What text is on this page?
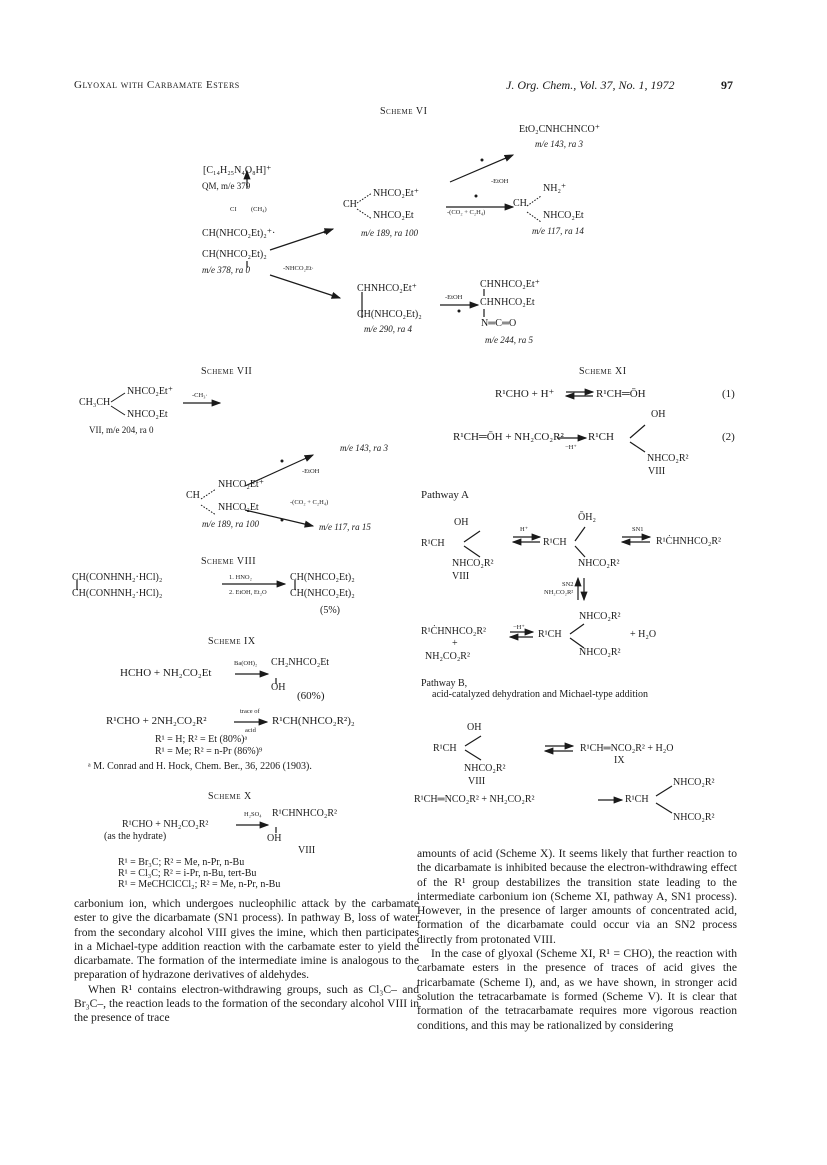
Glyoxal with Carbamate Esters	J. Org. Chem., Vol. 37, No. 1, 1972	97
Scheme VI
EtO₂CNHCHNCO⁺
m/e 143, ra 3
[C₁₄H₂₅N₄O₈H]⁺
QM, m/e 379
CI (CH₄)
CH(NHCO₂Et)₂⁺·
CH(NHCO₂Et)₂
m/e 378, ra 0
NHCO₂Et⁺
CH
NHCO₂Et
m/e 189, ra 100
-EtOH
-(CO₂ + C₂H₄)
NH₂⁺
CH
NHCO₂Et
m/e 117, ra 14
-NHCO₂Et·
CHNHCO₂Et⁺
CH(NHCO₂Et)₂
m/e 290, ra 4
-EtOH
CHNHCO₂Et⁺
CHNHCO₂Et
N═C═O
m/e 244, ra 5
Scheme VII
NHCO₂Et⁺
CH₃CH
NHCO₂Et
VII, m/e 204, ra 0
-CH₃·
m/e 143, ra 3
-EtOH
NHCO₂Et⁺
CH
NHCO₂Et
m/e 189, ra 100
-(CO₂ + C₂H₄)
m/e 117, ra 15
Scheme VIII
CH(CONHNH₂·HCl)₂
CH(CONHNH₂·HCl)₂
1. HNO₂
2. EtOH, Et₂O
CH(NHCO₂Et)₂
CH(NHCO₂Et)₂
(5%)
Scheme IX
HCHO + NH₂CO₂Et
Ba(OH)₂ CH₂NHCO₂Et
OH
(60%)
trace of
R¹CHO + 2NH₂CO₂R²	R¹CH(NHCO₂R²)₂
acid
R¹ = H; R² = Et (80%)ᵃ
R¹ = Me; R² = n-Pr (86%)⁹
ᵃ M. Conrad and H. Hock, Chem. Ber., 36, 2206 (1903).
Scheme X
R¹CHO + NH₂CO₂R²
H₂SO₄ R¹CHNHCO₂R²
OH
(as the hydrate)
VIII
R¹ = Br₃C; R² = Me, n-Pr, n-Bu
R¹ = Cl₃C; R² = i-Pr, n-Bu, tert-Bu
R¹ = MeCHClCCl₂; R² = Me, n-Pr, n-Bu
Scheme XI
R¹CHO + H⁺	R¹CH═ŌH	(1)
OH
R¹CH═ŌH + NH₂CO₂R²
−H⁺
R¹CH
NHCO₂R²
VIII
(2)
Pathway A
OH
R¹CH
NHCO₂R²
VIII
H⁺
ŌH₂
R¹CH
NHCO₂R²
SN1
R¹ĊHNHCO₂R²
SN2
NH₂CO₂R²
R¹ĊHNHCO₂R²
+
NH₂CO₂R²
−H⁺
NHCO₂R²
R¹CH
NHCO₂R²
+ H₂O
Pathway B,
acid-catalyzed dehydration and Michael-type addition
OH
R¹CH
NHCO₂R²
VIII
R¹CH═NCO₂R² + H₂O
IX
R¹CH═NCO₂R² + NH₂CO₂R²
NHCO₂R²
R¹CH
NHCO₂R²

carbonium ion, which undergoes nucleophilic attack by the carbamate ester to give the dicarbamate (SN1 process). In pathway B, loss of water from the secondary alcohol VIII gives the imine, which then participates in a Michael-type addition reaction with the carbamate ester to yield the dicarbamate. The formation of the intermediate imine is analogous to the preparation of hydrazone derivatives of aldehydes.

When R¹ contains electron-withdrawing groups, such as Cl₃C– and Br₃C–, the reaction leads to the formation of the secondary alcohol VIII in the presence of trace

amounts of acid (Scheme X). It seems likely that further reaction to the dicarbamate is inhibited because the electron-withdrawing effect of the R¹ group destabilizes the transition state leading to the intermediate carbonium ion (Scheme XI, pathway A, SN1 process). However, in the presence of larger amounts of concentrated acid, formation of the dicarbamate could occur via an SN2 process directly from protonated VIII.

In the case of glyoxal (Scheme XI, R¹ = CHO), the reaction with carbamate esters in the presence of traces of acid gives the tricarbamate (Scheme I), and, as we have shown, in stronger acid solution the tetracarbamate is formed (Scheme V). It is clear that formation of the tetracarbamate requires more vigorous reaction conditions, and this may be rationalized by considering
